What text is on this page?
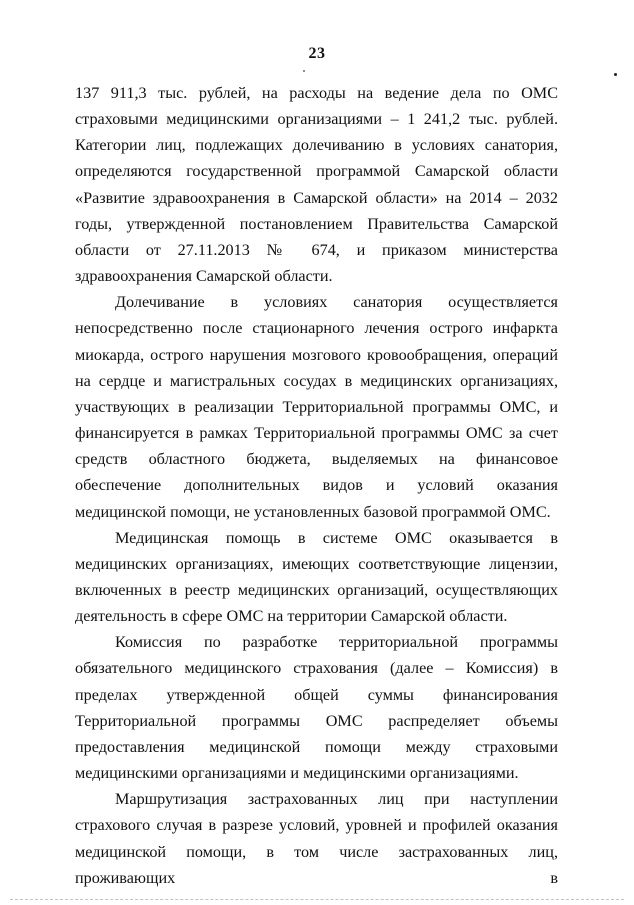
23

137 911,3 тыс. рублей, на расходы на ведение дела по ОМС страховыми медицинскими организациями – 1 241,2 тыс. рублей. Категории лиц, подлежащих долечиванию в условиях санатория, определяются государственной программой Самарской области «Развитие здравоохранения в Самарской области» на 2014 – 2032 годы, утвержденной постановлением Правительства Самарской области от 27.11.2013 № 674, и приказом министерства здравоохранения Самарской области.

Долечивание в условиях санатория осуществляется непосредственно после стационарного лечения острого инфаркта миокарда, острого нарушения мозгового кровообращения, операций на сердце и магистральных сосудах в медицинских организациях, участвующих в реализации Территориальной программы ОМС, и финансируется в рамках Территориальной программы ОМС за счет средств областного бюджета, выделяемых на финансовое обеспечение дополнительных видов и условий оказания медицинской помощи, не установленных базовой программой ОМС.

Медицинская помощь в системе ОМС оказывается в медицинских организациях, имеющих соответствующие лицензии, включенных в реестр медицинских организаций, осуществляющих деятельность в сфере ОМС на территории Самарской области.

Комиссия по разработке территориальной программы обязательного медицинского страхования (далее – Комиссия) в пределах утвержденной общей суммы финансирования Территориальной программы ОМС распределяет объемы предоставления медицинской помощи между страховыми медицинскими организациями и медицинскими организациями.

Маршрутизация застрахованных лиц при наступлении страхового случая в разрезе условий, уровней и профилей оказания медицинской помощи, в том числе застрахованных лиц, проживающих в
